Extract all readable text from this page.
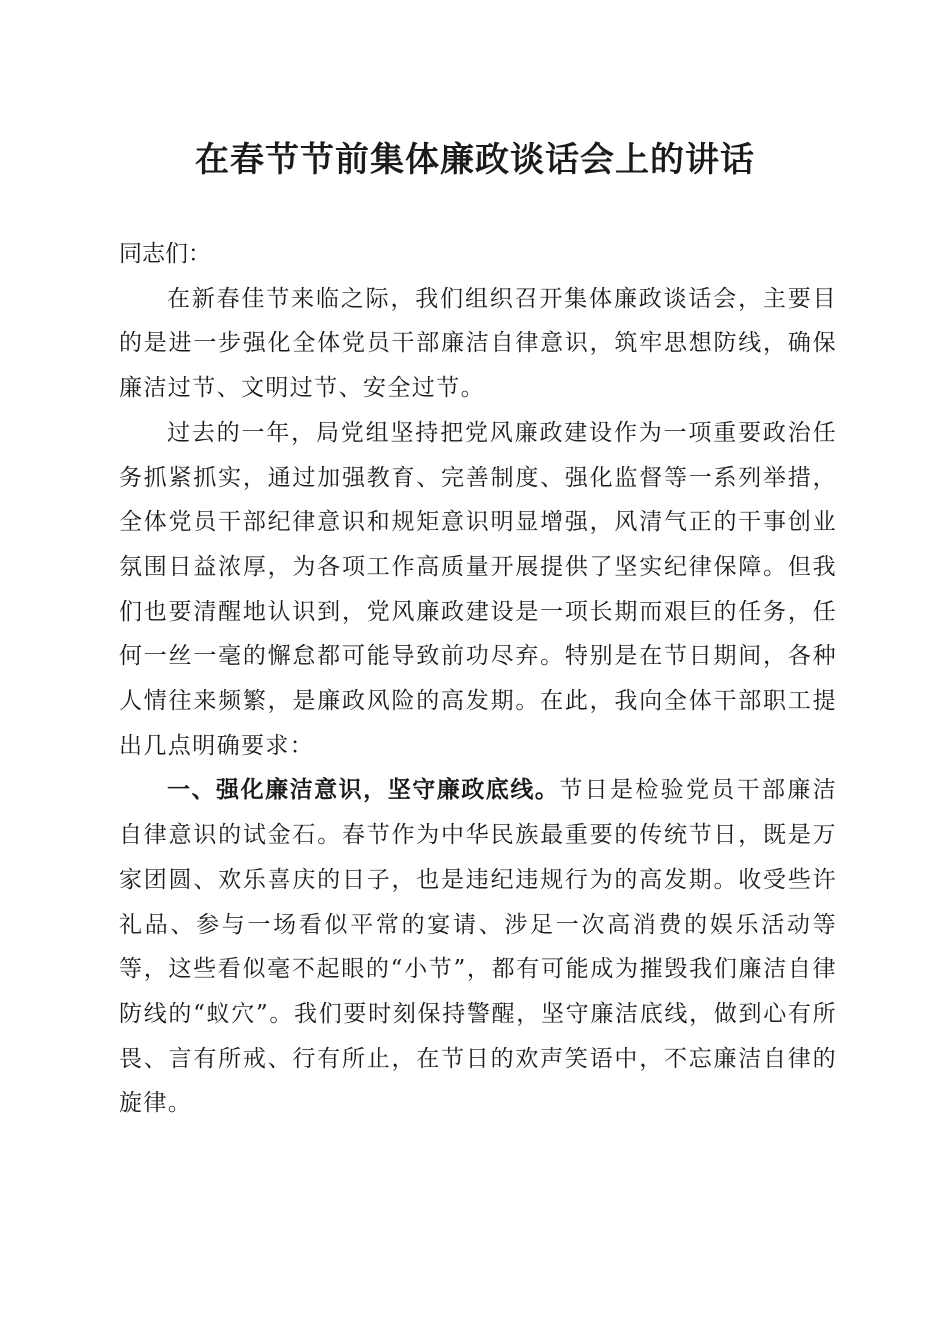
在春节节前集体廉政谈话会上的讲话

同志们：

在新春佳节来临之际，我们组织召开集体廉政谈话会，主要目的是进一步强化全体党员干部廉洁自律意识，筑牢思想防线，确保廉洁过节、文明过节、安全过节。

过去的一年，局党组坚持把党风廉政建设作为一项重要政治任务抓紧抓实，通过加强教育、完善制度、强化监督等一系列举措，全体党员干部纪律意识和规矩意识明显增强，风清气正的干事创业氛围日益浓厚，为各项工作高质量开展提供了坚实纪律保障。但我们也要清醒地认识到，党风廉政建设是一项长期而艰巨的任务，任何一丝一毫的懈怠都可能导致前功尽弃。特别是在节日期间，各种人情往来频繁，是廉政风险的高发期。在此，我向全体干部职工提出几点明确要求：

一、强化廉洁意识，坚守廉政底线。节日是检验党员干部廉洁自律意识的试金石。春节作为中华民族最重要的传统节日，既是万家团圆、欢乐喜庆的日子，也是违纪违规行为的高发期。收受些许礼品、参与一场看似平常的宴请、涉足一次高消费的娱乐活动等等，这些看似毫不起眼的“小节”，都有可能成为摧毁我们廉洁自律防线的“蚁穴”。我们要时刻保持警醒，坚守廉洁底线，做到心有所畏、言有所戒、行有所止，在节日的欢声笑语中，不忘廉洁自律的旋律。
